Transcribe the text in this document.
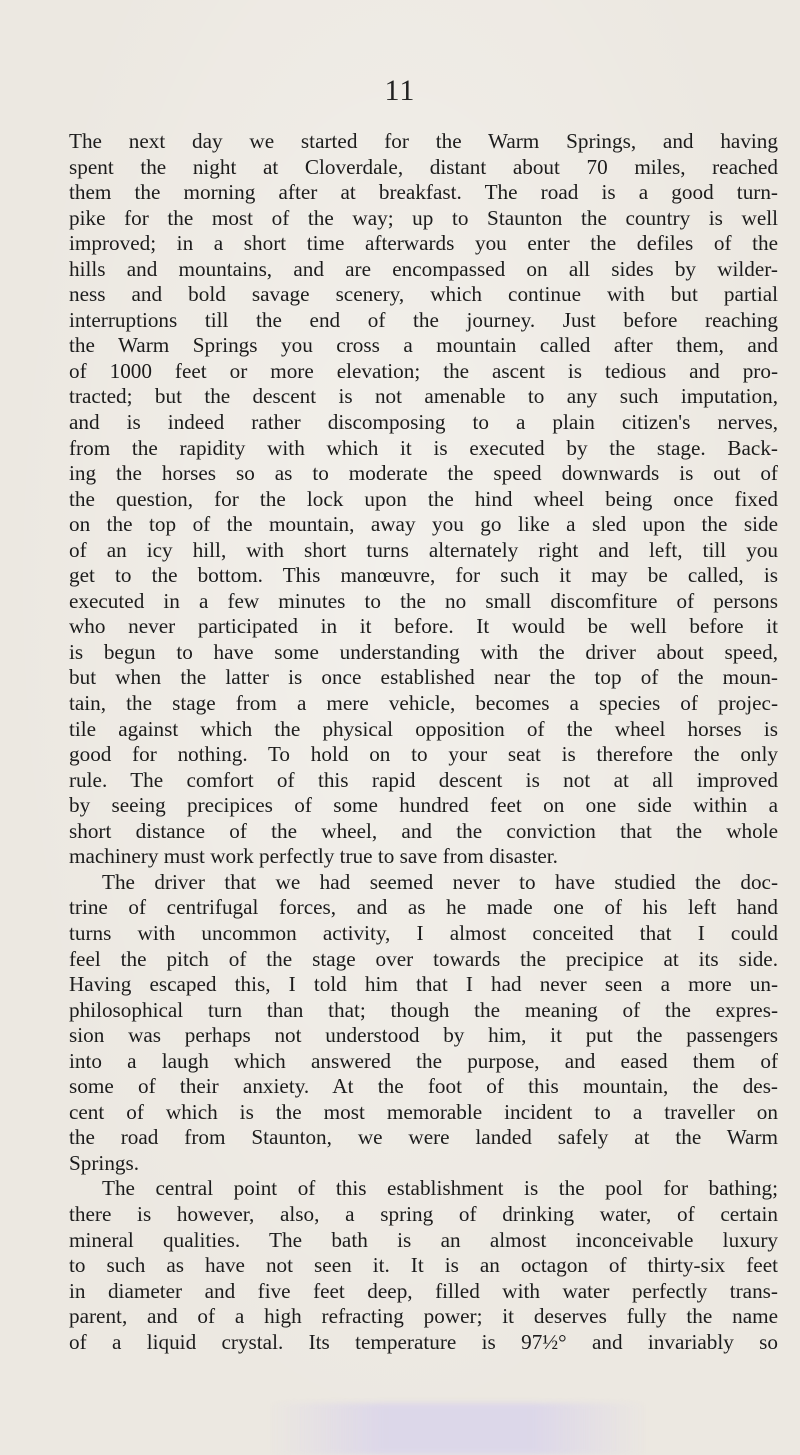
11
The next day we started for the Warm Springs, and having
spent the night at Cloverdale, distant about 70 miles, reached
them the morning after at breakfast. The road is a good turn-
pike for the most of the way; up to Staunton the country is well
improved; in a short time afterwards you enter the defiles of the
hills and mountains, and are encompassed on all sides by wilder-
ness and bold savage scenery, which continue with but partial
interruptions till the end of the journey. Just before reaching
the Warm Springs you cross a mountain called after them, and
of 1000 feet or more elevation; the ascent is tedious and pro-
tracted; but the descent is not amenable to any such imputation,
and is indeed rather discomposing to a plain citizen's nerves,
from the rapidity with which it is executed by the stage. Back-
ing the horses so as to moderate the speed downwards is out of
the question, for the lock upon the hind wheel being once fixed
on the top of the mountain, away you go like a sled upon the side
of an icy hill, with short turns alternately right and left, till you
get to the bottom. This manœuvre, for such it may be called, is
executed in a few minutes to the no small discomfiture of persons
who never participated in it before. It would be well before it
is begun to have some understanding with the driver about speed,
but when the latter is once established near the top of the moun-
tain, the stage from a mere vehicle, becomes a species of projec-
tile against which the physical opposition of the wheel horses is
good for nothing. To hold on to your seat is therefore the only
rule. The comfort of this rapid descent is not at all improved
by seeing precipices of some hundred feet on one side within a
short distance of the wheel, and the conviction that the whole
machinery must work perfectly true to save from disaster.
The driver that we had seemed never to have studied the doc-
trine of centrifugal forces, and as he made one of his left hand
turns with uncommon activity, I almost conceited that I could
feel the pitch of the stage over towards the precipice at its side.
Having escaped this, I told him that I had never seen a more un-
philosophical turn than that; though the meaning of the expres-
sion was perhaps not understood by him, it put the passengers
into a laugh which answered the purpose, and eased them of
some of their anxiety. At the foot of this mountain, the des-
cent of which is the most memorable incident to a traveller on
the road from Staunton, we were landed safely at the Warm
Springs.
The central point of this establishment is the pool for bathing;
there is however, also, a spring of drinking water, of certain
mineral qualities. The bath is an almost inconceivable luxury
to such as have not seen it. It is an octagon of thirty-six feet
in diameter and five feet deep, filled with water perfectly trans-
parent, and of a high refracting power; it deserves fully the name
of a liquid crystal. Its temperature is 97½° and invariably so
